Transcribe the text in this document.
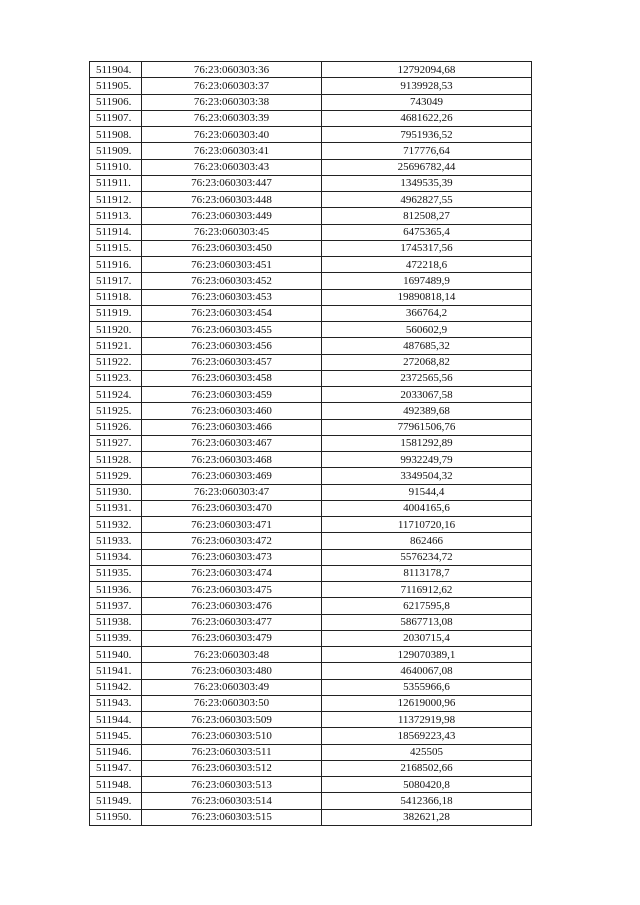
511904.	76:23:060303:36	12792094,68
511905.	76:23:060303:37	9139928,53
511906.	76:23:060303:38	743049
511907.	76:23:060303:39	4681622,26
511908.	76:23:060303:40	7951936,52
511909.	76:23:060303:41	717776,64
511910.	76:23:060303:43	25696782,44
511911.	76:23:060303:447	1349535,39
511912.	76:23:060303:448	4962827,55
511913.	76:23:060303:449	812508,27
511914.	76:23:060303:45	6475365,4
511915.	76:23:060303:450	1745317,56
511916.	76:23:060303:451	472218,6
511917.	76:23:060303:452	1697489,9
511918.	76:23:060303:453	19890818,14
511919.	76:23:060303:454	366764,2
511920.	76:23:060303:455	560602,9
511921.	76:23:060303:456	487685,32
511922.	76:23:060303:457	272068,82
511923.	76:23:060303:458	2372565,56
511924.	76:23:060303:459	2033067,58
511925.	76:23:060303:460	492389,68
511926.	76:23:060303:466	77961506,76
511927.	76:23:060303:467	1581292,89
511928.	76:23:060303:468	9932249,79
511929.	76:23:060303:469	3349504,32
511930.	76:23:060303:47	91544,4
511931.	76:23:060303:470	4004165,6
511932.	76:23:060303:471	11710720,16
511933.	76:23:060303:472	862466
511934.	76:23:060303:473	5576234,72
511935.	76:23:060303:474	8113178,7
511936.	76:23:060303:475	7116912,62
511937.	76:23:060303:476	6217595,8
511938.	76:23:060303:477	5867713,08
511939.	76:23:060303:479	2030715,4
511940.	76:23:060303:48	129070389,1
511941.	76:23:060303:480	4640067,08
511942.	76:23:060303:49	5355966,6
511943.	76:23:060303:50	12619000,96
511944.	76:23:060303:509	11372919,98
511945.	76:23:060303:510	18569223,43
511946.	76:23:060303:511	425505
511947.	76:23:060303:512	2168502,66
511948.	76:23:060303:513	5080420,8
511949.	76:23:060303:514	5412366,18
511950.	76:23:060303:515	382621,28
